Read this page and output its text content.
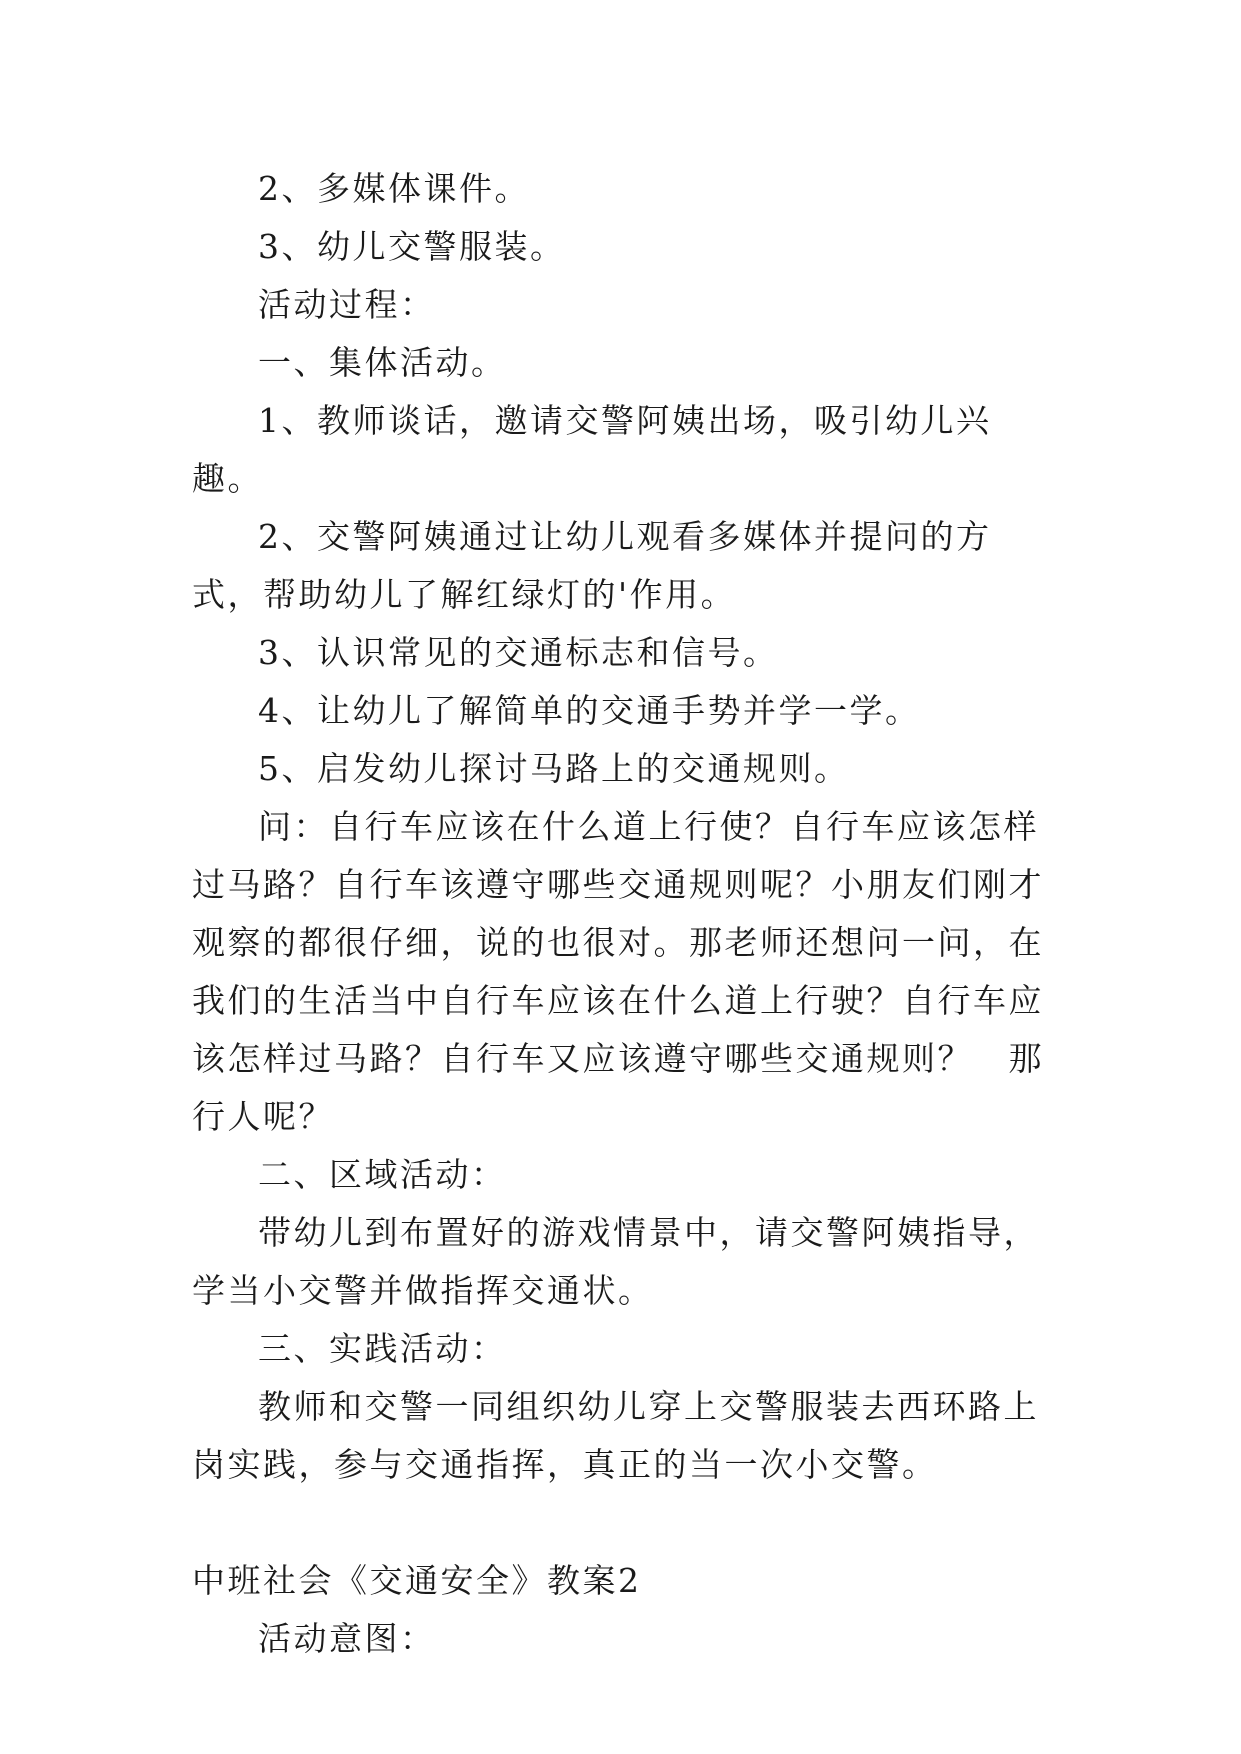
2、多媒体课件。

3、幼儿交警服装。

活动过程：

一、集体活动。

1、教师谈话，邀请交警阿姨出场，吸引幼儿兴趣。

2、交警阿姨通过让幼儿观看多媒体并提问的方式，帮助幼儿了解红绿灯的'作用。

3、认识常见的交通标志和信号。

4、让幼儿了解简单的交通手势并学一学。

5、启发幼儿探讨马路上的交通规则。

问：自行车应该在什么道上行使？自行车应该怎样过马路？自行车该遵守哪些交通规则呢？小朋友们刚才观察的都很仔细，说的也很对。那老师还想问一问，在我们的生活当中自行车应该在什么道上行驶？自行车应该怎样过马路？自行车又应该遵守哪些交通规则？　那行人呢？

二、区域活动：

带幼儿到布置好的游戏情景中，请交警阿姨指导，学当小交警并做指挥交通状。

三、实践活动：

教师和交警一同组织幼儿穿上交警服装去西环路上岗实践，参与交通指挥，真正的当一次小交警。

中班社会《交通安全》教案2

活动意图：
